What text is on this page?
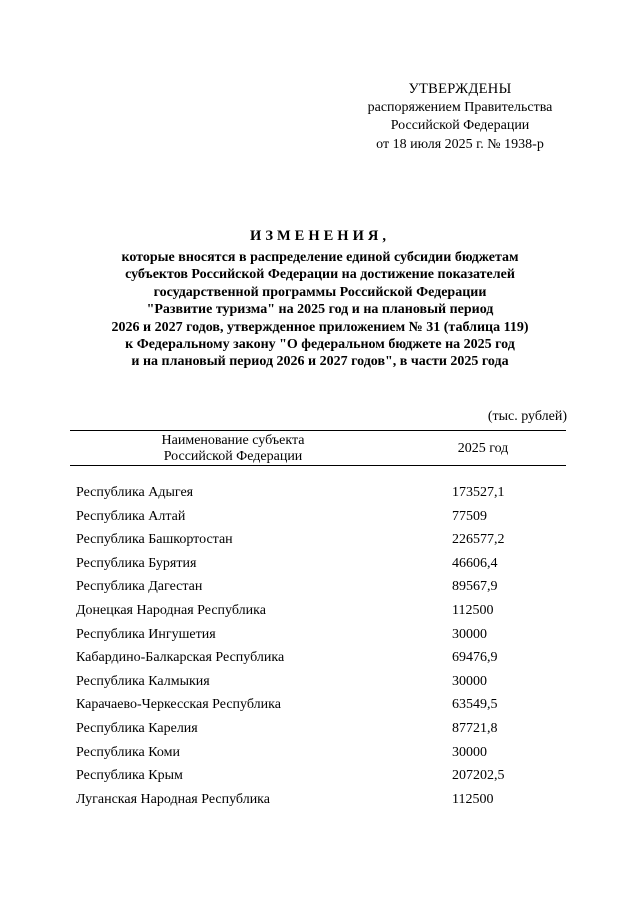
УТВЕРЖДЕНЫ
распоряжением Правительства
Российской Федерации
от 18 июля 2025 г. № 1938-р
ИЗМЕНЕНИЯ,
которые вносятся в распределение единой субсидии бюджетам
субъектов Российской Федерации на достижение показателей
государственной программы Российской Федерации
"Развитие туризма" на 2025 год и на плановый период
2026 и 2027 годов, утвержденное приложением № 31 (таблица 119)
к Федеральному закону "О федеральном бюджете на 2025 год
и на плановый период 2026 и 2027 годов", в части 2025 года
(тыс. рублей)
Наименование субъекта
Российской Федерации
2025 год
Республика Адыгея	173527,1
Республика Алтай	77509
Республика Башкортостан	226577,2
Республика Бурятия	46606,4
Республика Дагестан	89567,9
Донецкая Народная Республика	112500
Республика Ингушетия	30000
Кабардино-Балкарская Республика	69476,9
Республика Калмыкия	30000
Карачаево-Черкесская Республика	63549,5
Республика Карелия	87721,8
Республика Коми	30000
Республика Крым	207202,5
Луганская Народная Республика	112500
